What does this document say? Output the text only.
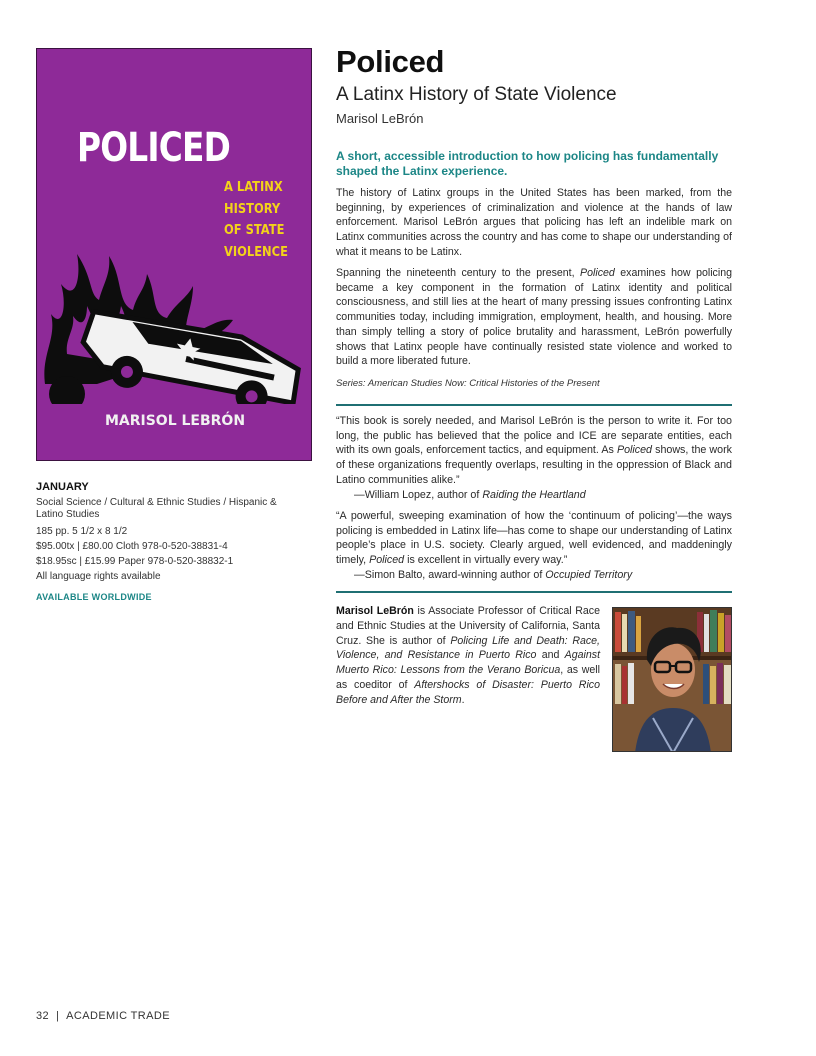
POLICED
A LATINX
HISTORY
OF STATE
VIOLENCE
MARISOL LEBRÓN
JANUARY
Social Science / Cultural & Ethnic Studies / Hispanic & Latino Studies
185 pp. 5 1/2 x 8 1/2
$95.00tx | £80.00 Cloth 978-0-520-38831-4
$18.95sc | £15.99 Paper 978-0-520-38832-1
All language rights available
AVAILABLE WORLDWIDE
Policed
A Latinx History of State Violence
Marisol LeBrón
A short, accessible introduction to how policing has fundamentally shaped the Latinx experience.
The history of Latinx groups in the United States has been marked, from the beginning, by experiences of criminalization and violence at the hands of law enforcement. Marisol LeBrón argues that policing has left an indelible mark on Latinx communities across the country and has come to shape our understanding of what it means to be Latinx.
Spanning the nineteenth century to the present, Policed examines how policing became a key component in the formation of Latinx identity and political consciousness, and still lies at the heart of many pressing issues confronting Latinx communities today, including immigration, employment, health, and housing. More than simply telling a story of police brutality and harassment, LeBrón powerfully shows that Latinx people have continually resisted state violence and worked to build a more liberated future.
Series: American Studies Now: Critical Histories of the Present
“This book is sorely needed, and Marisol LeBrón is the person to write it. For too long, the public has believed that the police and ICE are separate entities, each with its own goals, enforcement tactics, and equipment. As Policed shows, the work of these organizations frequently overlaps, resulting in the oppression of Black and Latino communities alike.”
—William Lopez, author of Raiding the Heartland
“A powerful, sweeping examination of how the ‘continuum of policing’—the ways policing is embedded in Latinx life—has come to shape our understanding of Latinx people’s place in U.S. society. Clearly argued, well evidenced, and maddeningly timely, Policed is excellent in virtually every way.”
—Simon Balto, award-winning author of Occupied Territory
Marisol LeBrón is Associate Professor of Critical Race and Ethnic Studies at the University of California, Santa Cruz. She is author of Policing Life and Death: Race, Violence, and Resistance in Puerto Rico and Against Muerto Rico: Lessons from the Verano Boricua, as well as coeditor of Aftershocks of Disaster: Puerto Rico Before and After the Storm.
32 | ACADEMIC TRADE
